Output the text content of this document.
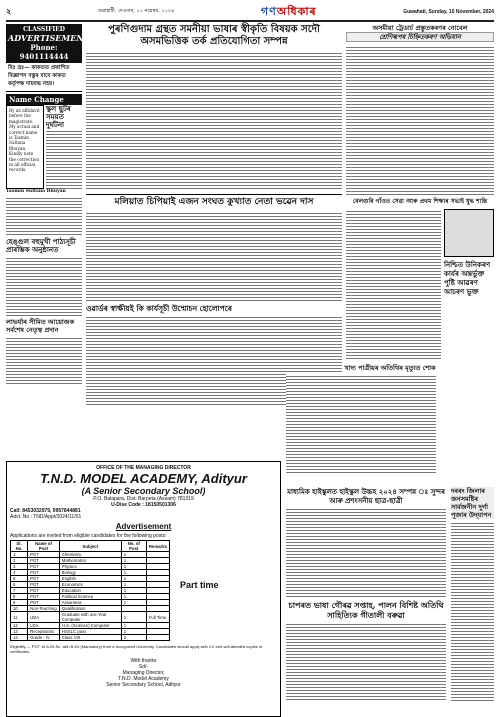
২	গুৱাহাটী, দেওবাৰ, ১০ নৱেম্বৰ, ২০২৪	গণঅধিকাৰ	Guwahati, Sunday, 10 November, 2024
CLASSIFIED
ADVERTISEMENT
Phone: 9401114444
বিঃ দ্ৰঃ— কাকতত প্ৰকাশিত বিজ্ঞাপন বস্তুৰ বাবে কাকত কৰ্তৃপক্ষ দায়বদ্ধ নহয়।
Name Change
By an affidavit before the magistrate. My actual and correct name is Tasmin Sultana Bhuyan. Kindly note the correction in all official records.
স্কুল ছুটৰ সময়ত দুৰ্ঘটনা
Tasmin Sultana Bhuyan
হেঙ্গুল বহুমুখী পাঠ্যসূচী প্ৰাৰম্ভিক অনুষ্ঠানত
লাভৰ্যাৰ সীমিত আয়োজক সৰ্বশেষ নেতৃত্ব প্ৰদান
পুৰণিগুদাম গ্ৰন্থত সমনীয়া ভাষাৰ স্বীকৃতি বিষয়ক সদৌ অসমভিত্তিক তৰ্ক প্ৰতিযোগিতা সম্পন্ন
মলিয়াত চিপিয়াই এজন সংঘত কুখ্যাত নেতা ভৱেন দাস
ওৱাৰ্ডৰ স্বাক্ষীয়ই কি কাৰ্যসূচী উন্মোচন হোলোপৰে
অসমীয়া ট্ৰেডাৰ্চ প্ৰস্তুতকৰণৰ নোবেল
শ্ৰেণিৰূপৰ চিহ্নিতকৰণ অভিযান
বেলগুৰি গাঁওত সেৱা আৰু প্ৰথম শিক্ষাৰ সভাই যুদ্ধ শান্তি
নিশ্চিত উনিকৰণ কাৰ্যৰ অন্তৰ্ভুক্ত পুষ্টি আৱৰণ আচৰণ ভুক্ত
খাদ্য পাত্ৰীয়ৰ অতিথিৰ মৃত্যুত শোক
মাধ্যমিক হাইস্কুলত হাইস্কুল উচ্চহ ২০২৪ সম্পন্ন ঃ সুন্দৰ আৰু প্ৰশংসনীয় ছাত্ৰ-ছাত্ৰী
চাপৰত ভাষা গৌৰৱ সপ্তাহ, পালন বিশিষ্ট অতিথি সাহিত্যিক গীতালী বৰুৱা
দৰৰং জিলাৰ জনসমষ্টিৰ সাৰ্বজনীন দুৰ্গা পূজাৰ উদ্‌যাপন
OFFICE OF THE MANAGING DIRECTOR
T.N.D. MODEL ACADEMY, Adityur
(A Senior Secondary School)
P.O. Balapara, Dist: Barpeta (Assam) 781319
U-Dise Code : 18150501306
Call: 8453032979, 9957844881
Advt. No : TND/Appt/2024/11/01
Advertisement
Applications are invited from eligible candidates for the following posts:
Sl. No.	Name of Post	Subject	No. of Post	Remarks
1	PGT	Chemistry	1	
2	PGT	Mathematics	1	
3	PGT	Physics	1	
4	PGT	Biology	1	
5	PGT	English	1	
6	PGT	Economics	1	
7	PGT	Education	1	
8	PGT	Political Science	1	
9	PGT	Assamese	1	
10	Non-Teaching	Qualification		
11	UDA	Graduate with one Year Computer	1	Full Time
12	LDA	H.S. (Science) Computer	1	
13	Receptionist	HSSLC pass	1	
14	Grade - IV	Class VIII	2	
Part time
Eligibility — PGT: M.A./M.Sc. with B.Ed (Mandatory) from a recognized University. Candidates should apply with CV and self-attested copies of certificates.
With thanks
Sd/-
Managing Director,
T.N.D. Model Academy
Senior Secondary School, Adityur
